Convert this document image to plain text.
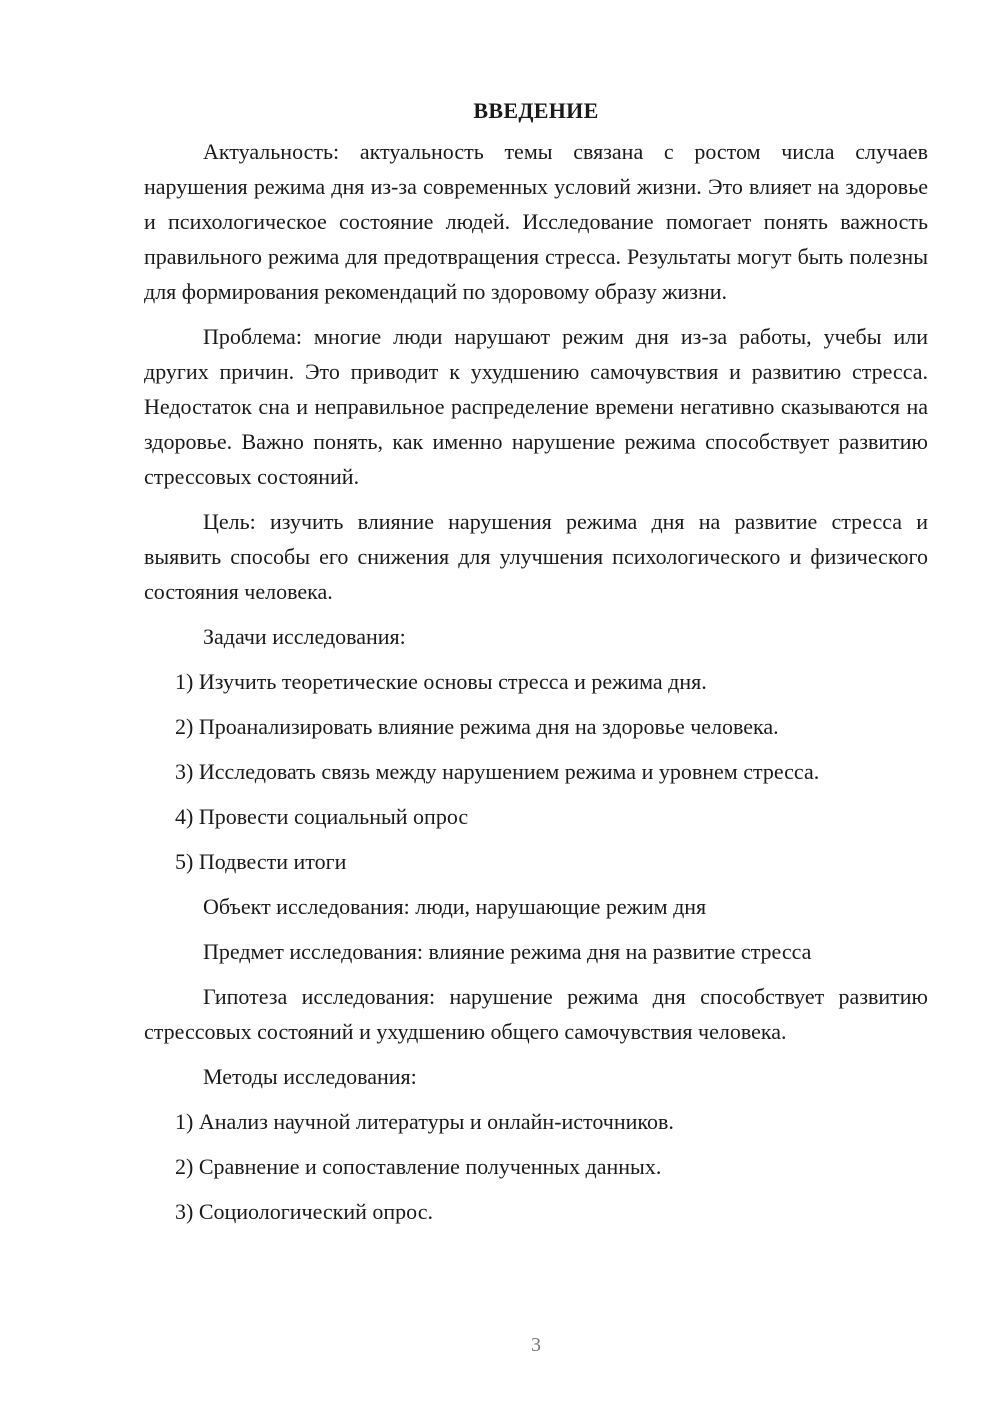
ВВЕДЕНИЕ

Актуальность: актуальность темы связана с ростом числа случаев нарушения режима дня из-за современных условий жизни. Это влияет на здоровье и психологическое состояние людей. Исследование помогает понять важность правильного режима для предотвращения стресса. Результаты могут быть полезны для формирования рекомендаций по здоровому образу жизни.

Проблема: многие люди нарушают режим дня из-за работы, учебы или других причин. Это приводит к ухудшению самочувствия и развитию стресса. Недостаток сна и неправильное распределение времени негативно сказываются на здоровье. Важно понять, как именно нарушение режима способствует развитию стрессовых состояний.

Цель: изучить влияние нарушения режима дня на развитие стресса и выявить способы его снижения для улучшения психологического и физического состояния человека.

Задачи исследования:

1) Изучить теоретические основы стресса и режима дня.

2) Проанализировать влияние режима дня на здоровье человека.

3) Исследовать связь между нарушением режима и уровнем стресса.

4) Провести социальный опрос

5) Подвести итоги

Объект исследования: люди, нарушающие режим дня

Предмет исследования: влияние режима дня на развитие стресса

Гипотеза исследования: нарушение режима дня способствует развитию стрессовых состояний и ухудшению общего самочувствия человека.

Методы исследования:

1) Анализ научной литературы и онлайн-источников.

2) Сравнение и сопоставление полученных данных.

3) Социологический опрос.

3
